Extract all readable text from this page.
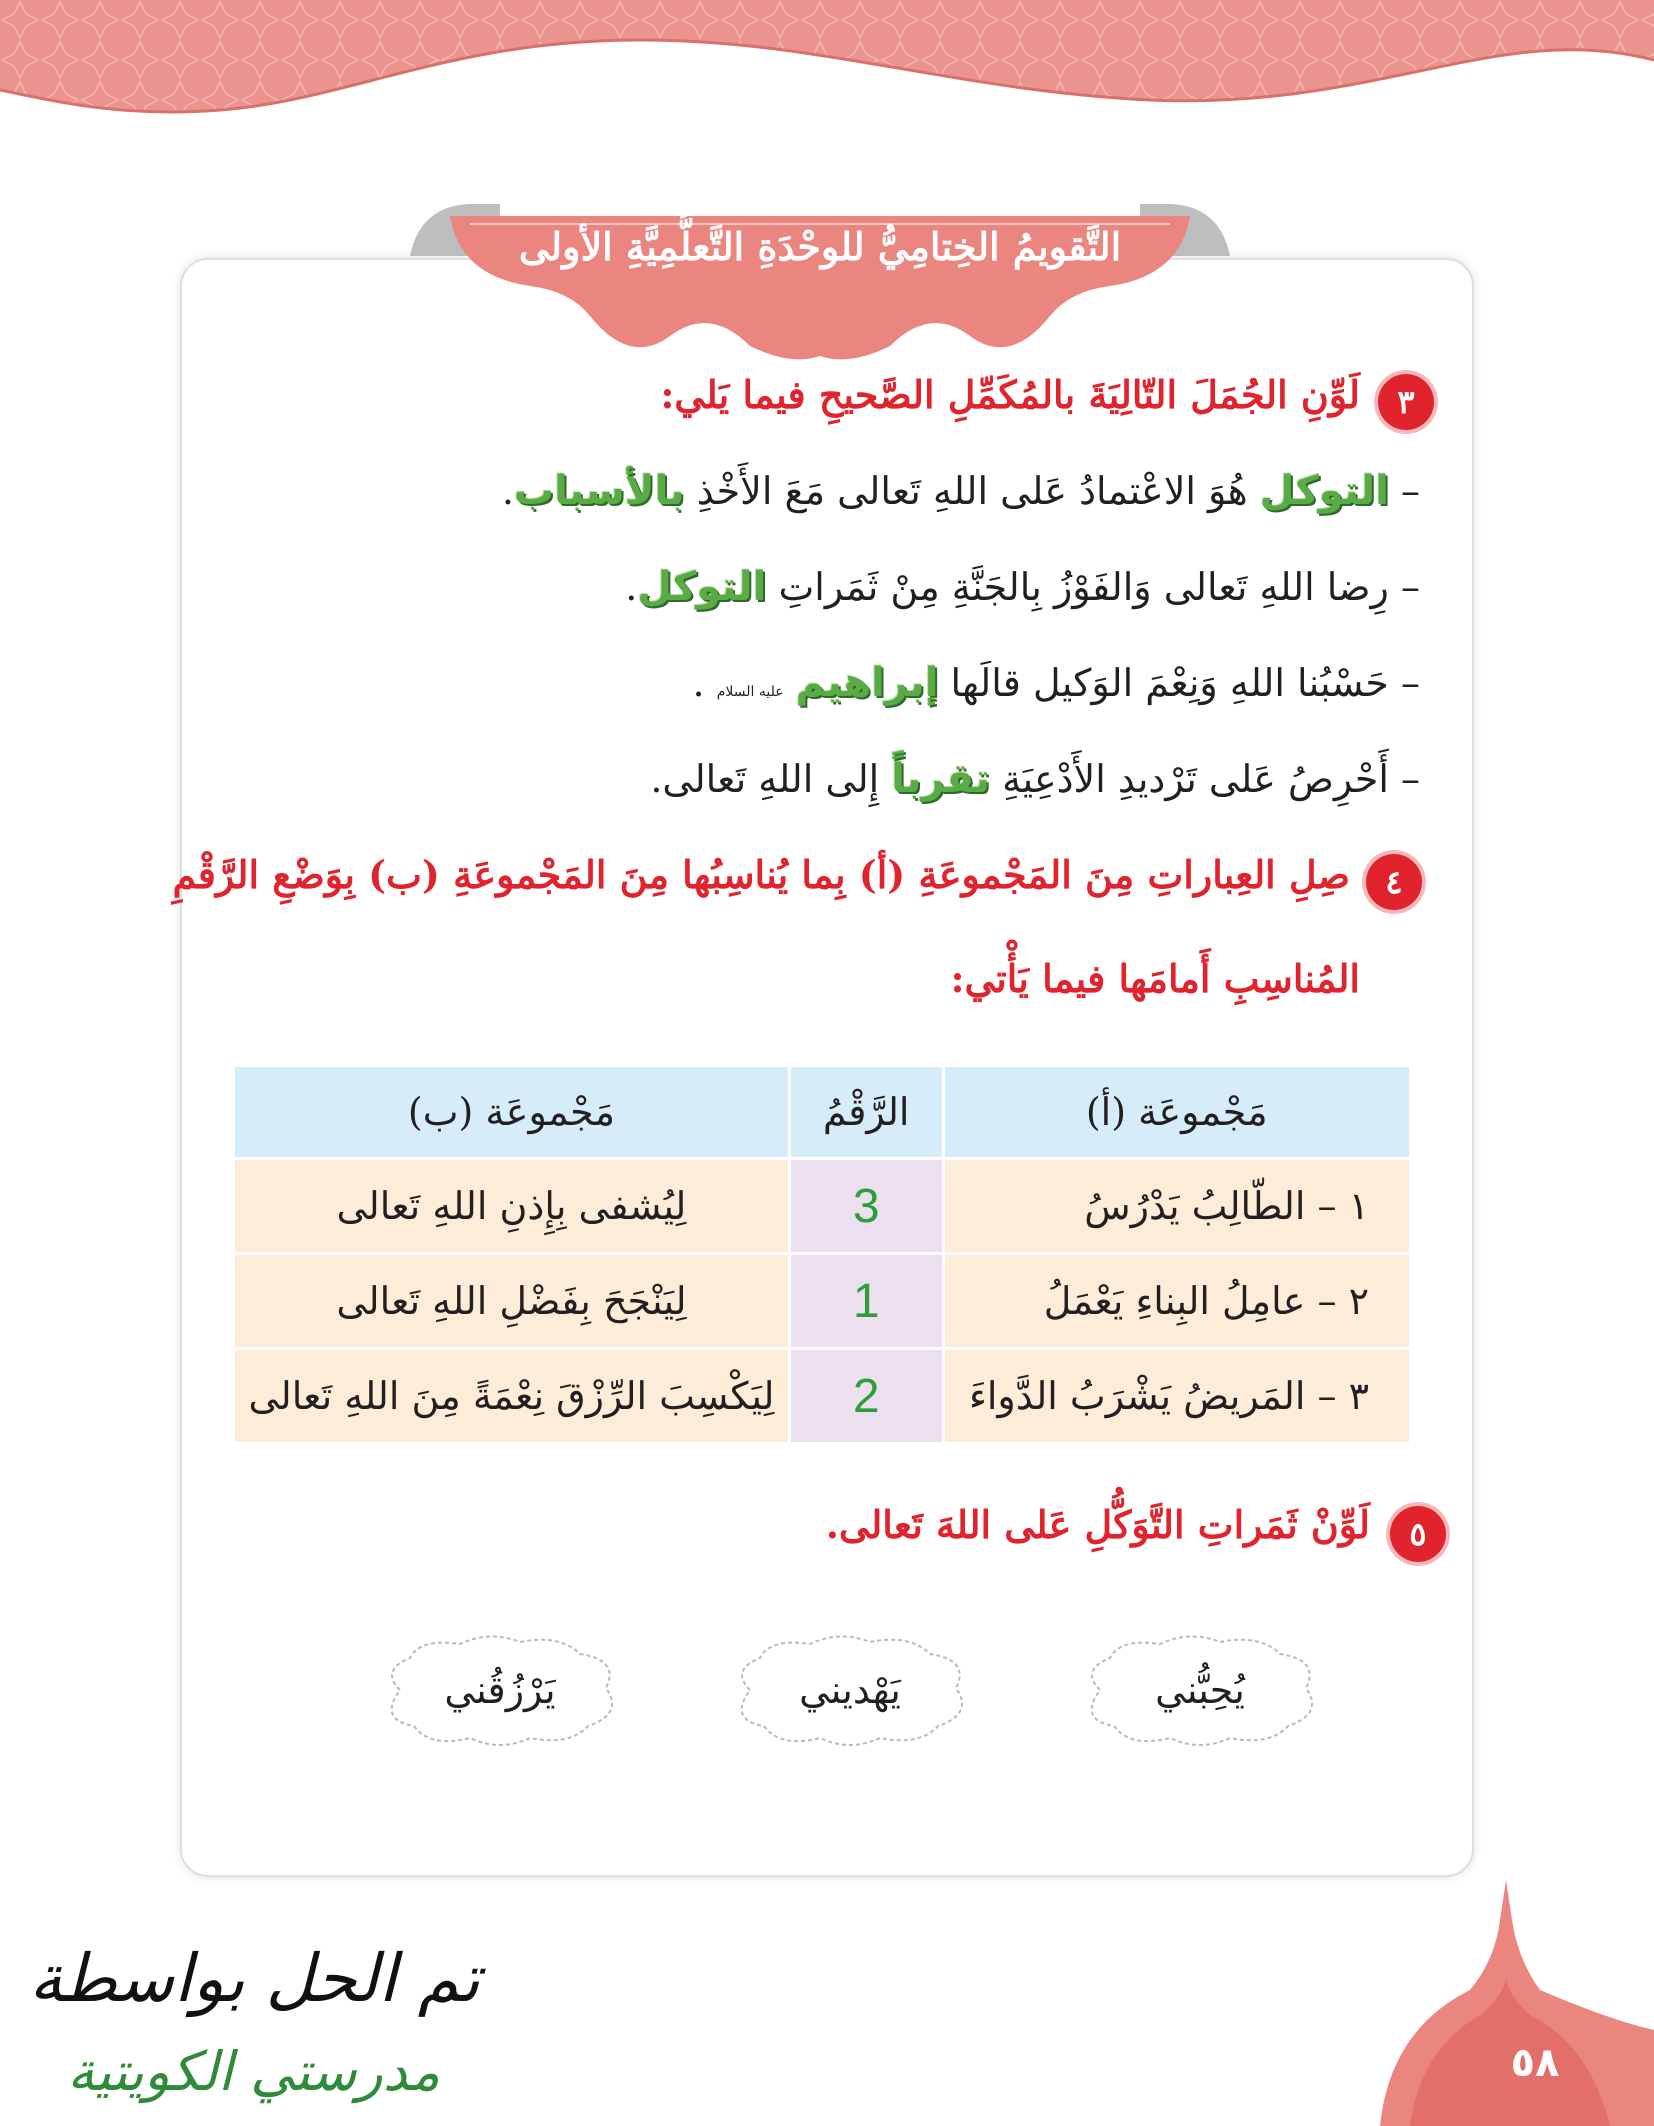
التَّقويمُ الخِتامِيُّ للوحْدَةِ التَّعلُّمِيَّةِ الأولى
٣
لَوِّنِ الجُمَلَ التّالِيَةَ بالمُكَمِّلِ الصَّحيحِ فيما يَلي:
– التوكل هُوَ الاعْتمادُ عَلى اللهِ تَعالى مَعَ الأَخْذِ بالأسباب.
– رِضا اللهِ تَعالى وَالفَوْزُ بِالجَنَّةِ مِنْ ثَمَراتِ التوكل.
– حَسْبُنا اللهِ وَنِعْمَ الوَكيل قالَها إبراهيم عليه السلام .
– أَحْرِصُ عَلى تَرْديدِ الأَدْعِيَةِ تقرباً إِلى اللهِ تَعالى.
٤
صِلِ العِباراتِ مِنَ المَجْموعَةِ (أ) بِما يُناسِبُها مِنَ المَجْموعَةِ (ب) بِوَضْعِ الرَّقْمِ
المُناسِبِ أَمامَها فيما يَأْتي:
مَجْموعَة (أ)	الرَّقْمُ	مَجْموعَة (ب)
١ – الطّالِبُ يَدْرُسُ	3	لِيُشفى بِإِذنِ اللهِ تَعالى
٢ – عامِلُ البِناءِ يَعْمَلُ	1	لِيَنْجَحَ بِفَضْلِ اللهِ تَعالى
٣ – المَريضُ يَشْرَبُ الدَّواءَ	2	لِيَكْسِبَ الرِّزْقَ نِعْمَةً مِنَ اللهِ تَعالى
٥
لَوِّنْ ثَمَراتِ التَّوَكُّلِ عَلى اللهَ تَعالى.
يُحِبُّني
يَهْديني
يَرْزُقُني
تم الحل بواسطة
مدرستي الكويتية	٥٨
